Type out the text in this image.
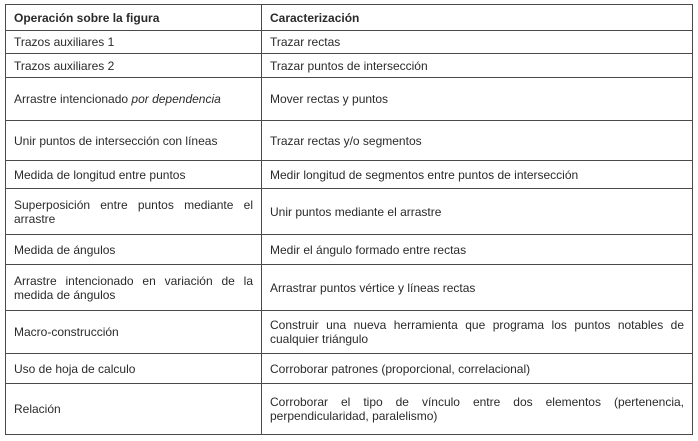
Operación sobre la figura	Caracterización
Trazos auxiliares 1	Trazar rectas
Trazos auxiliares 2	Trazar puntos de intersección
Arrastre intencionado por dependencia	Mover rectas y puntos
Unir puntos de intersección con líneas	Trazar rectas y/o segmentos
Medida de longitud entre puntos	Medir longitud de segmentos entre puntos de intersección
Superposición entre puntos mediante el arrastre	Unir puntos mediante el arrastre
Medida de ángulos	Medir el ángulo formado entre rectas
Arrastre intencionado en variación de la medida de ángulos	Arrastrar puntos vértice y líneas rectas
Macro-construcción	Construir una nueva herramienta que programa los puntos notables de cualquier triángulo
Uso de hoja de calculo	Corroborar patrones (proporcional, correlacional)
Relación	Corroborar el tipo de vínculo entre dos elementos (pertenencia, perpendicularidad, paralelismo)
